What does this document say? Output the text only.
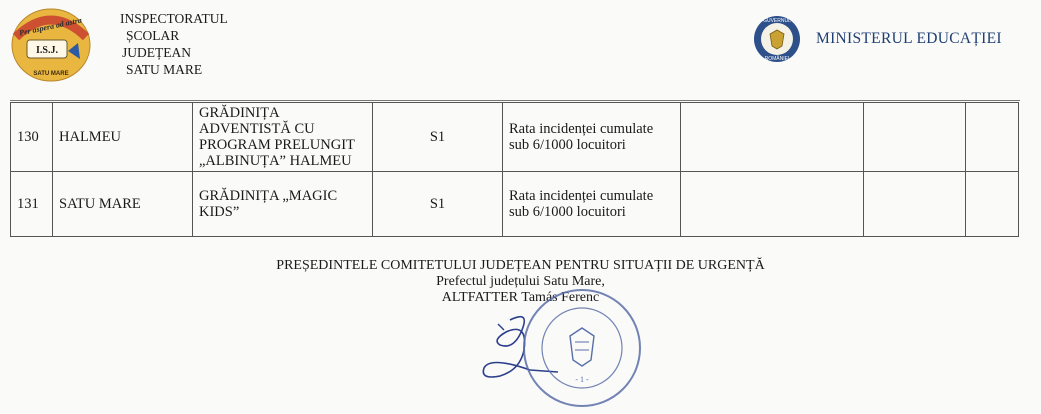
Per aspera ad astra
I.S.J.
SATU MARE
INSPECTORATUL
ȘCOLAR
JUDEȚEAN
SATU MARE
GUVERNUL
ROMÂNIEI
MINISTERUL EDUCAȚIEI
130	HALMEU	GRĂDINIȚA ADVENTISTĂ CU PROGRAM PRELUNGIT „ALBINUȚA” HALMEU	S1	Rata incidenței cumulate sub 6/1000 locuitori			
131	SATU MARE	GRĂDINIȚA „MAGIC KIDS”	S1	Rata incidenței cumulate sub 6/1000 locuitori			
PREȘEDINTELE COMITETULUI JUDEȚEAN PENTRU SITUAȚII DE URGENȚĂ
Prefectul județului Satu Mare,
ALTFATTER Tamás Ferenc
- 1 -
